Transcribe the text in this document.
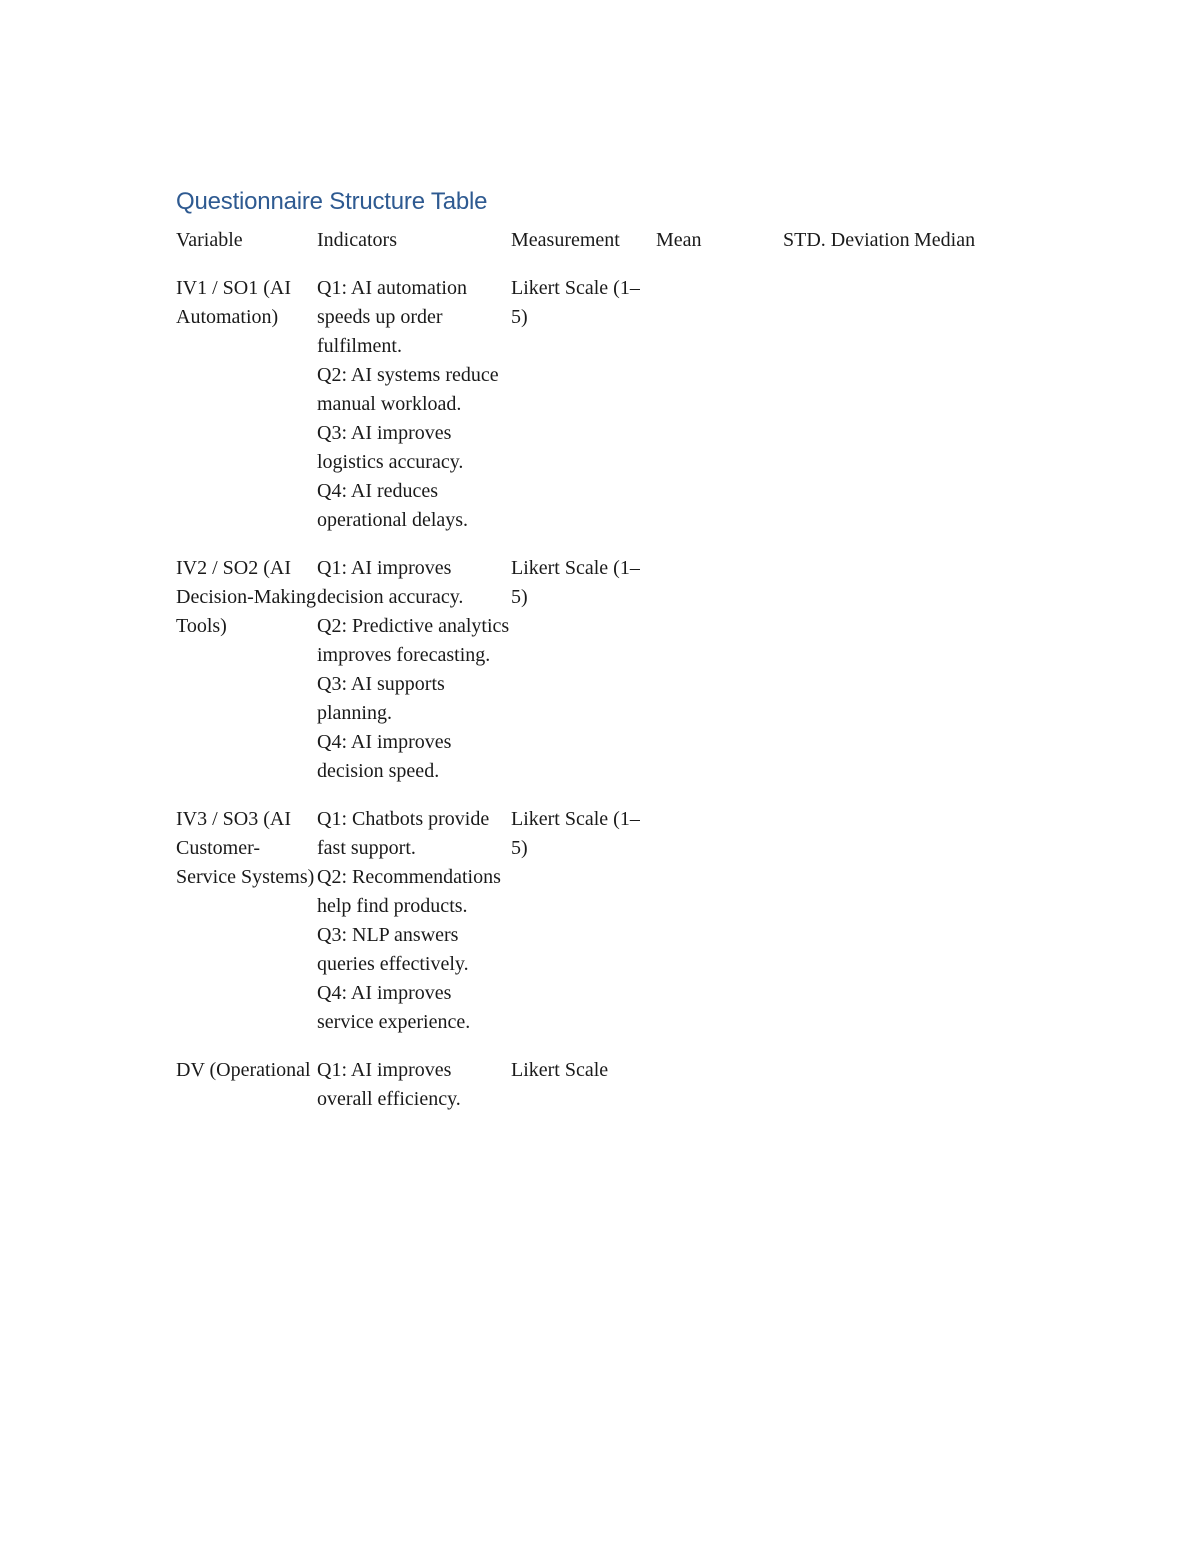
Questionnaire Structure Table
Variable	Indicators	Measurement	Mean	STD. Deviation	Median
IV1 / SO1 (AI Automation)	Q1: AI automation speeds up order fulfilment.
Q2: AI systems reduce manual workload.
Q3: AI improves logistics accuracy.
Q4: AI reduces operational delays.	Likert Scale (1–5)			
IV2 / SO2 (AI Decision-Making Tools)	Q1: AI improves decision accuracy.
Q2: Predictive analytics improves forecasting.
Q3: AI supports planning.
Q4: AI improves decision speed.	Likert Scale (1–5)			
IV3 / SO3 (AI Customer-Service Systems)	Q1: Chatbots provide fast support.
Q2: Recommendations help find products.
Q3: NLP answers queries effectively.
Q4: AI improves service experience.	Likert Scale (1–5)			
DV (Operational	Q1: AI improves overall efficiency.	Likert Scale			
